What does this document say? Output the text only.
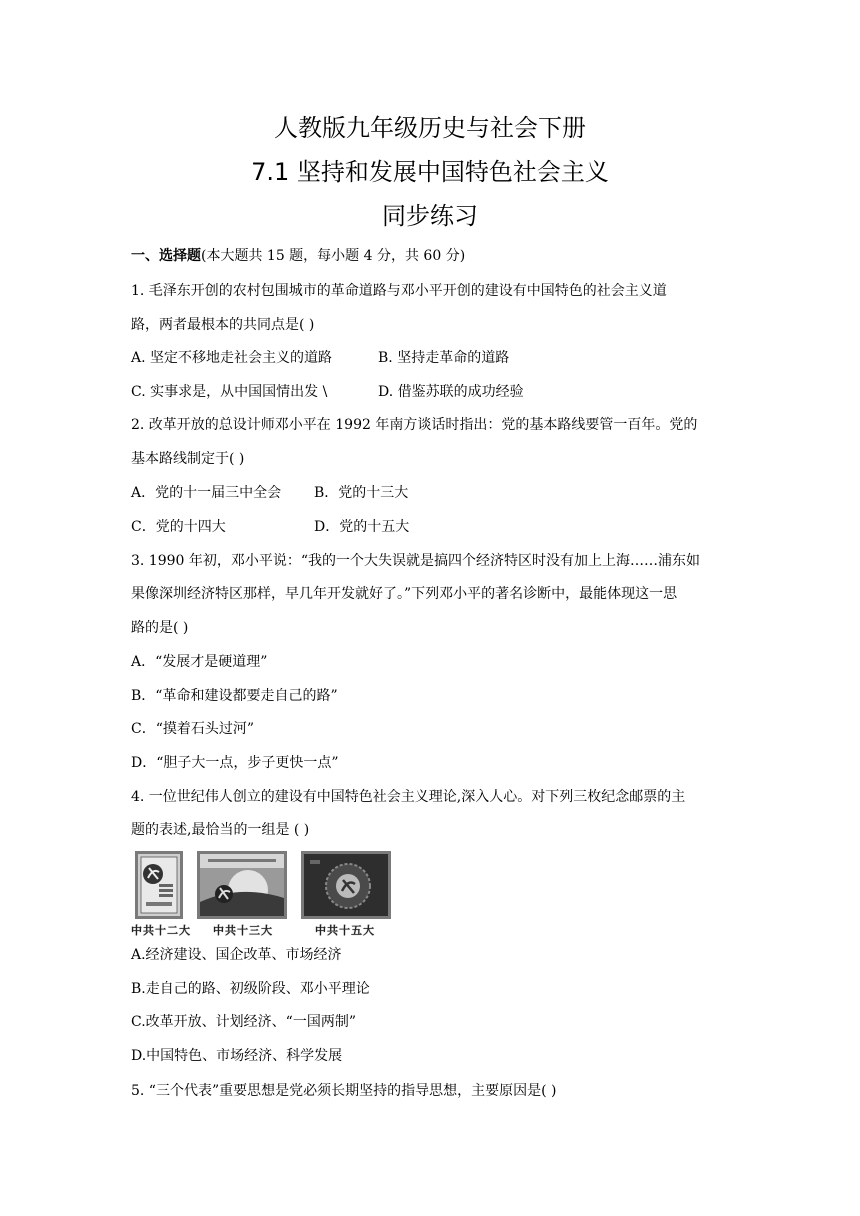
人教版九年级历史与社会下册
7.1 坚持和发展中国特色社会主义
同步练习

一、选择题(本大题共 15 题，每小题 4 分，共 60 分)

1. 毛泽东开创的农村包围城市的革命道路与邓小平开创的建设有中国特色的社会主义道

路，两者最根本的共同点是( )

A. 坚定不移地走社会主义的道路	B. 坚持走革命的道路

C. 实事求是，从中国国情出发 \	D. 借鉴苏联的成功经验

2. 改革开放的总设计师邓小平在 1992 年南方谈话时指出：党的基本路线要管一百年。党的

基本路线制定于( )

A．党的十一届三中全会 B．党的十三大

C．党的十四大	D．党的十五大

3. 1990 年初，邓小平说：“我的一个大失误就是搞四个经济特区时没有加上上海……浦东如

果像深圳经济特区那样，早几年开发就好了。”下列邓小平的著名诊断中，最能体现这一思

路的是( )

A．“发展才是硬道理”

B．“革命和建设都要走自己的路”

C．“摸着石头过河”

D．“胆子大一点，步子更快一点”

4. 一位世纪伟人创立的建设有中国特色社会主义理论,深入人心。对下列三枚纪念邮票的主

题的表述,最恰当的一组是 ( )

中共十二大 中共十三大	中共十五大

A.经济建设、国企改革、市场经济

B.走自己的路、初级阶段、邓小平理论

C.改革开放、计划经济、“一国两制”

D.中国特色、市场经济、科学发展

5. “三个代表”重要思想是党必须长期坚持的指导思想，主要原因是( )
